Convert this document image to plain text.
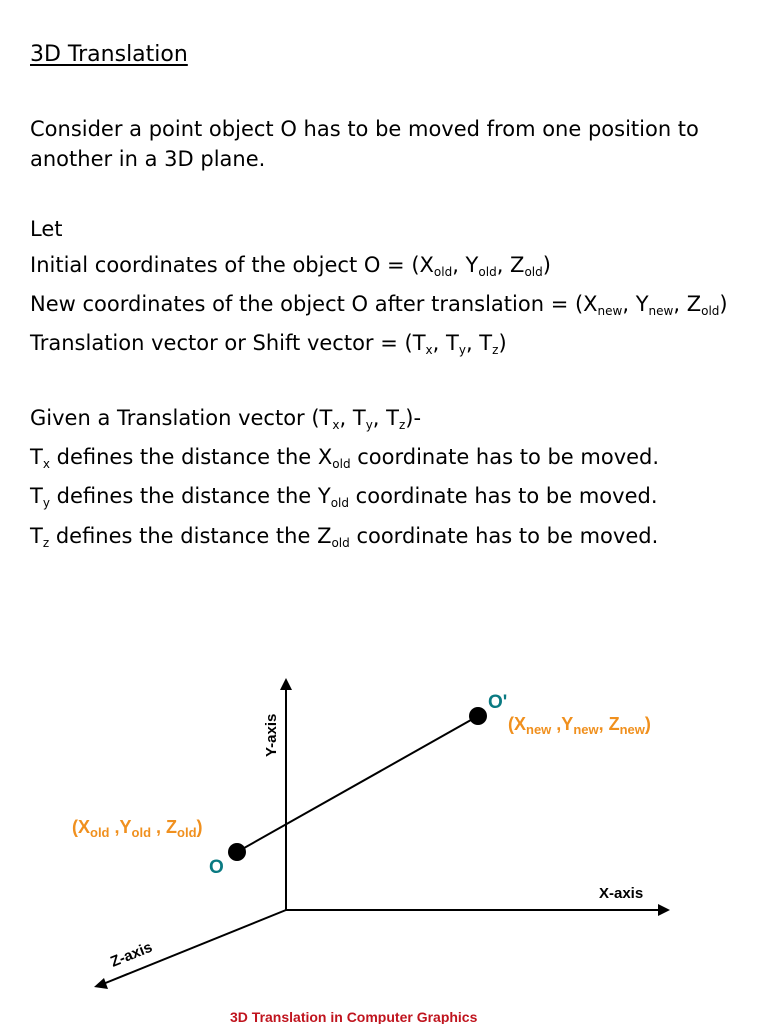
3D Translation

Consider a point object O has to be moved from one position to another in a 3D plane.

Let
Initial coordinates of the object $O = (X_{old}$, $Y_{old}$, $Z_{old}$)
New coordinates of the object O after translation = ($X_{new}$, $Y_{new}$, $Z_{old}$)
Translation vector or Shift vector = ($T_x$, $T_y$, $T_z$)
Given a Translation vector ($T_x$, $T_y$, $T_z)-$
$T_x$ defines the distance the $X_{old}$ coordinate has to be moved.
$T_y$ defines the distance the $Y_{old}$ coordinate has to be moved.
$T_z$ defines the distance the $Z_{old}$ coordinate has to be moved.
Y-axis
X-axis
Z-axis
O
O'
($X_{old}$ $,Y_{old}$ , $Z_{old}$)
($X_{new}$ $,Y_{new}$, $Z_{new}$)
3D Translation in Computer Graphics
